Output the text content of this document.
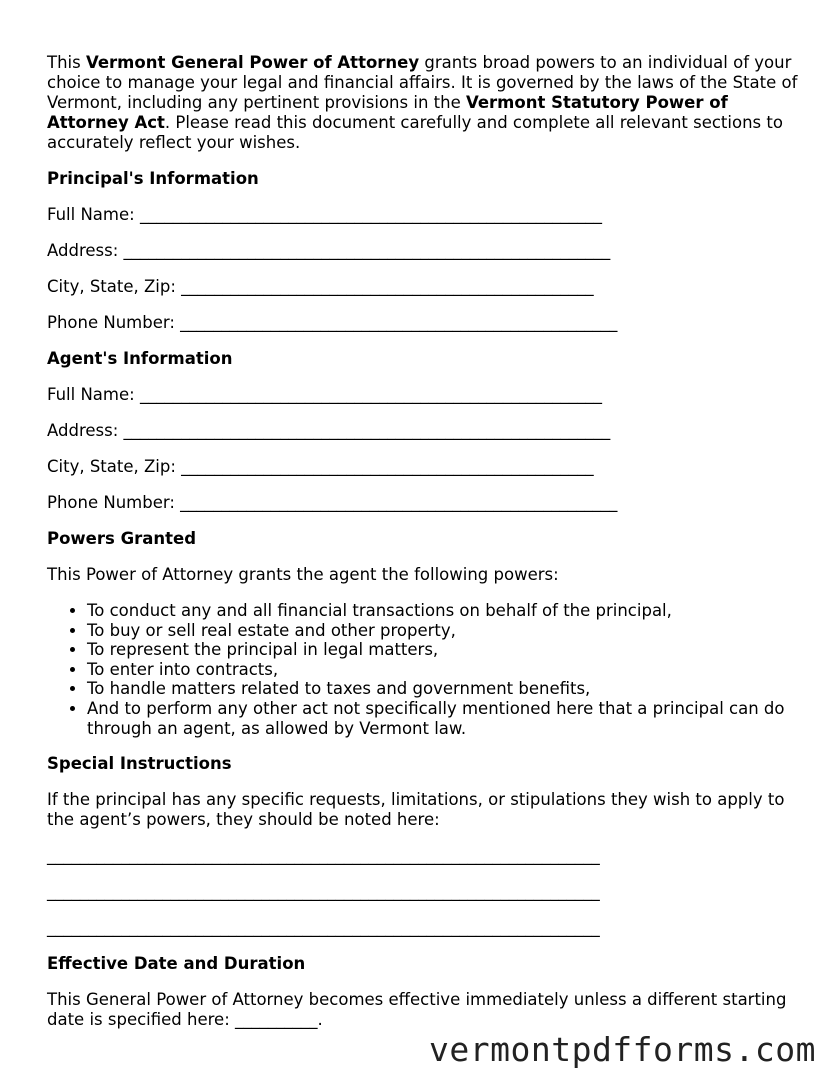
This Vermont General Power of Attorney grants broad powers to an individual of your choice to manage your legal and financial affairs. It is governed by the laws of the State of Vermont, including any pertinent provisions in the Vermont Statutory Power of Attorney Act. Please read this document carefully and complete all relevant sections to accurately reflect your wishes.

Principal's Information
Full Name: ________________________________________________________
Address: ___________________________________________________________
City, State, Zip: __________________________________________________
Phone Number: _____________________________________________________
Agent's Information
Full Name: ________________________________________________________
Address: ___________________________________________________________
City, State, Zip: __________________________________________________
Phone Number: _____________________________________________________
Powers Granted

This Power of Attorney grants the agent the following powers:

• To conduct any and all financial transactions on behalf of the principal,
• To buy or sell real estate and other property,
• To represent the principal in legal matters,
• To enter into contracts,
• To handle matters related to taxes and government benefits,
• And to perform any other act not specifically mentioned here that a principal can do through an agent, as allowed by Vermont law.
Special Instructions

If the principal has any specific requests, limitations, or stipulations they wish to apply to the agent’s powers, they should be noted here:

___________________________________________________________________
___________________________________________________________________
___________________________________________________________________
Effective Date and Duration

This General Power of Attorney becomes effective immediately unless a different starting date is specified here: __________.

vermontpdfforms.com
